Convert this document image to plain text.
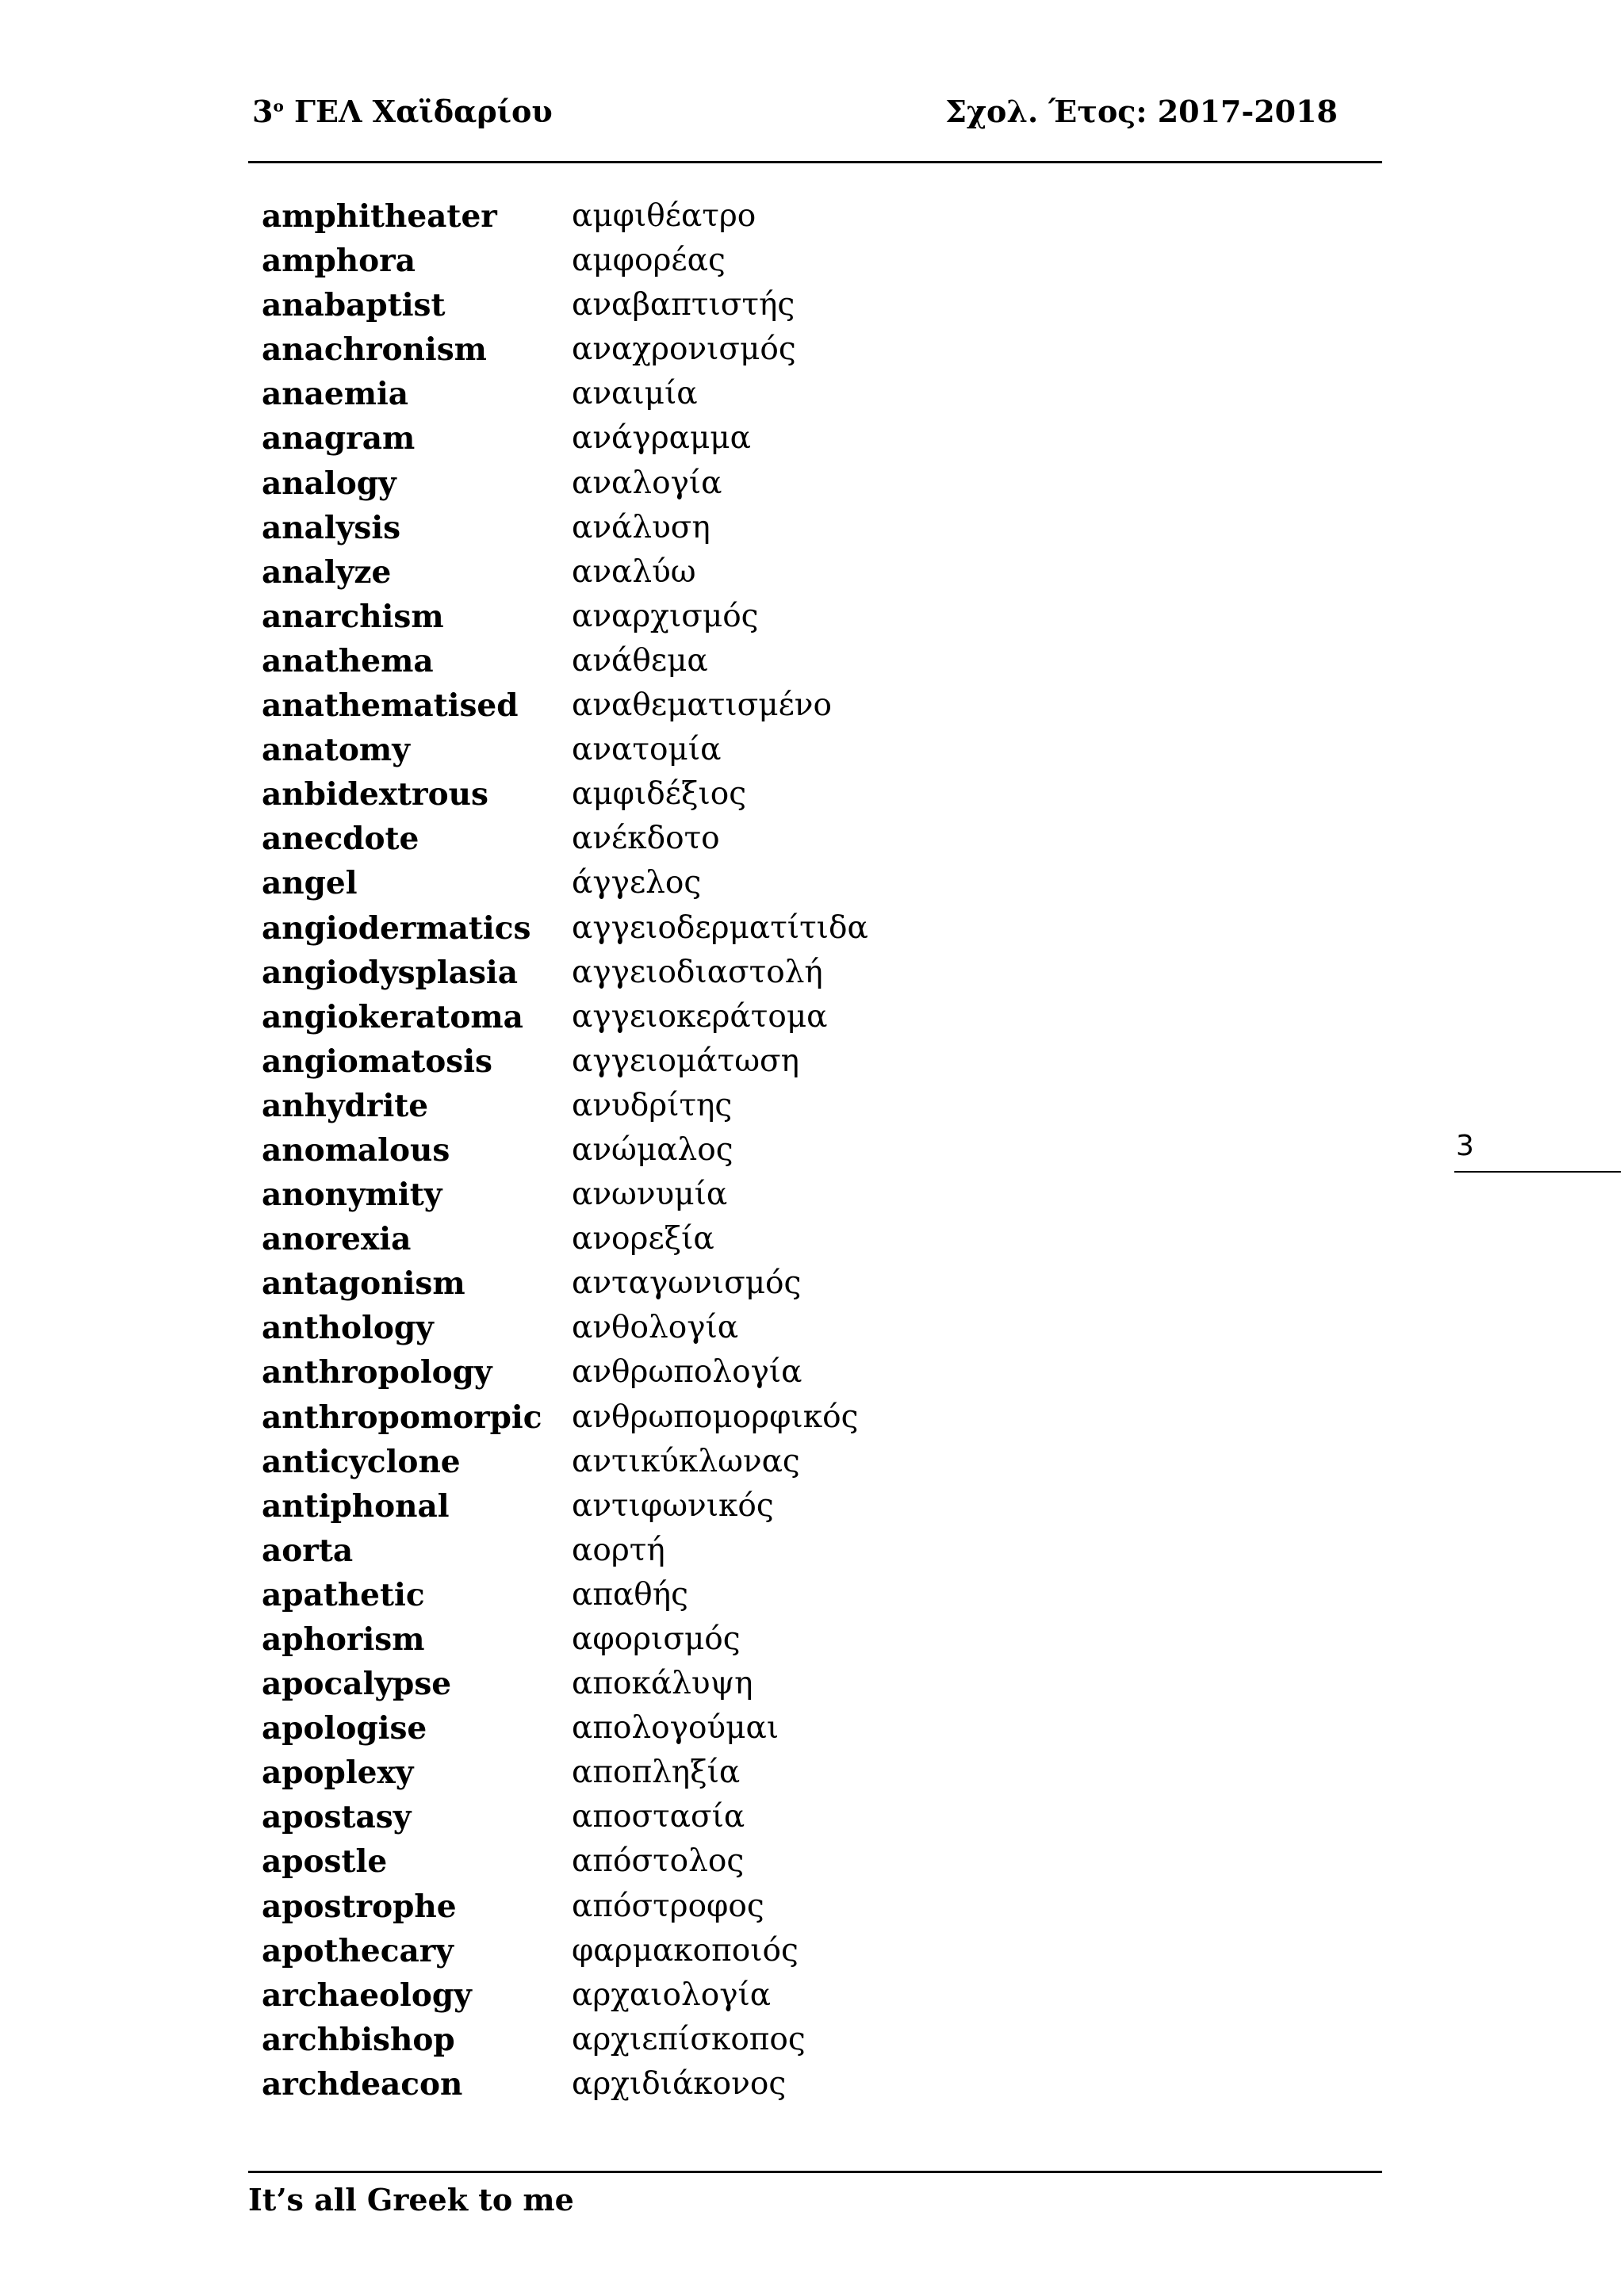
$3^o$ ΓΕΛ Χαϊδαρίου	Σχολ. Έτος: 2017-2018
amphitheater αμφιθέατρο
amphora	αμφορέας
anabaptist	αναβαπτιστής
anachronism	αναχρονισμός
anaemia	αναιμία
anagram	ανάγραμμα
analogy	αναλογία
analysis	ανάλυση
analyze	αναλύω
anarchism	αναρχισμός
anathema	ανάθεμα
anathematised αναθεματισμένο
anatomy	ανατομία
anbidextrous	αμφιδέξιος
anecdote	ανέκδοτο
angel	άγγελος
angiodermatics αγγειοδερματίτιδα
angiodysplasia αγγειοδιαστολή
angiokeratoma αγγειοκεράτομα
angiomatosis	αγγειομάτωση
anhydrite	ανυδρίτης
anomalous	ανώμαλος
anonymity	ανωνυμία
anorexia	ανορεξία
antagonism	ανταγωνισμός
anthology	ανθολογία
anthropology	ανθρωπολογία
anthropomorpic ανθρωπομορφικός
anticyclone	αντικύκλωνας
antiphonal	αντιφωνικός
aorta	αορτή
apathetic	απαθής
aphorism	αφορισμός
apocalypse	αποκάλυψη
apologise	απολογούμαι
apoplexy	αποπληξία
apostasy	αποστασία
apostle	απόστολος
apostrophe	απόστροφος
apothecary	φαρμακοποιός
archaeology	αρχαιολογία
archbishop	αρχιεπίσκοπος
archdeacon	αρχιδιάκονος
3
It’s all Greek to me
